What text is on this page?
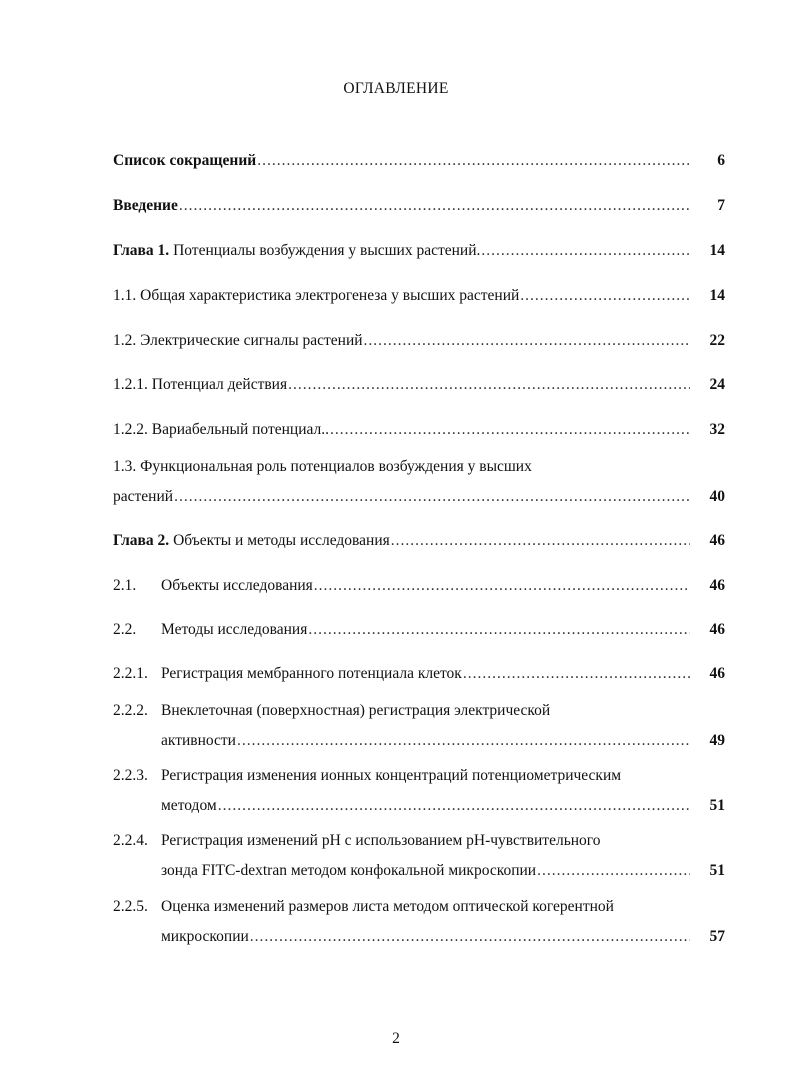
ОГЛАВЛЕНИЕ
Список сокращений .....	6
Введение .....	7
Глава 1. Потенциалы возбуждения у высших растений. .....	14
1.1. Общая характеристика электрогенеза у высших растений .....	14
1.2. Электрические сигналы растений .....	22
1.2.1. Потенциал действия .....	24
1.2.2. Вариабельный потенциал.. .....	32
1.3. Функциональная роль потенциалов возбуждения у высших
растений .....	40
Глава 2. Объекты и методы исследования .....	46
2.1.	Объекты исследования .....	46
2.2.	Методы исследования .....	46
2.2.1. Регистрация мембранного потенциала клеток .....	46
2.2.2. Внеклеточная (поверхностная) регистрация электрической
активности .....	49
2.2.3. Регистрация изменения ионных концентраций потенциометрическим
методом .....	51
2.2.4. Регистрация изменений pH с использованием pH-чувствительного
зонда FITC-dextran методом конфокальной микроскопии .....	51
2.2.5. Оценка изменений размеров листа методом оптической когерентной
микроскопии .....	57
2
